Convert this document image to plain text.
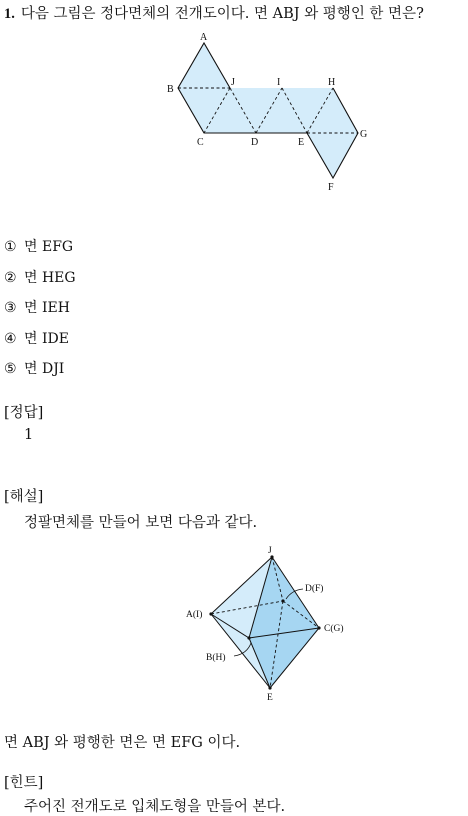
1. 다음 그림은 정다면체의 전개도이다. 면 ABJ 와 평행인 한 면은?
A
B
J	I	H
C	D	E
G
F
① 면 EFG
② 면 HEG
③ 면 IEH
④ 면 IDE
⑤ 면 DJI
[정답]
1
[해설]
정팔면체를 만들어 보면 다음과 같다.
J
D(F)
A(I)
C(G)
B(H)
E
면 ABJ 와 평행한 면은 면 EFG 이다.
[힌트]
주어진 전개도로 입체도형을 만들어 본다.
